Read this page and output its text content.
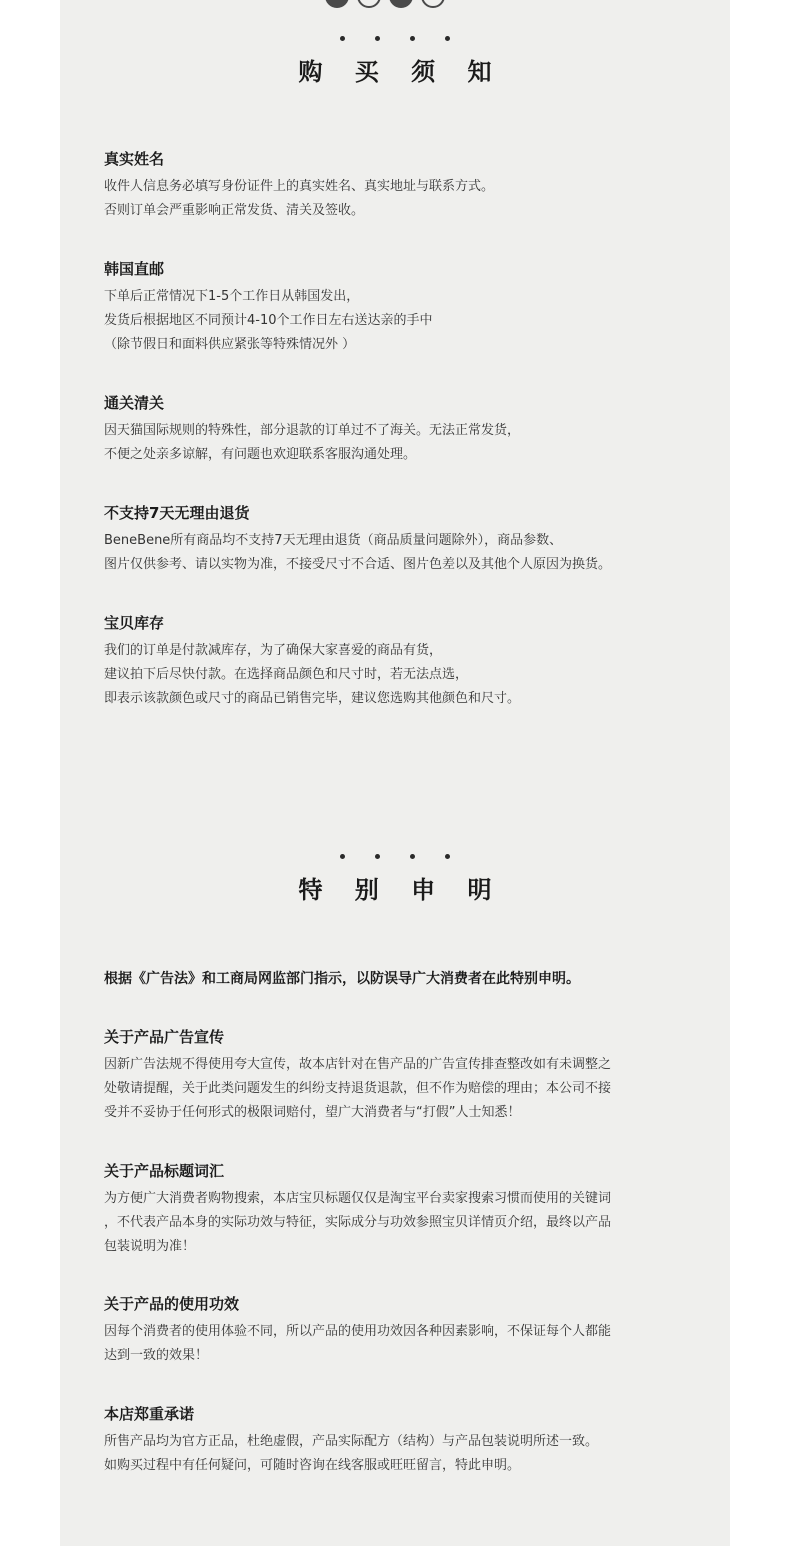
购 买 须 知
真实姓名
收件人信息务必填写身份证件上的真实姓名、真实地址与联系方式。
否则订单会严重影响正常发货、清关及签收。
韩国直邮
下单后正常情况下1-5个工作日从韩国发出，
发货后根据地区不同预计4-10个工作日左右送达亲的手中
（除节假日和面料供应紧张等特殊情况外 ）
通关清关
因天猫国际规则的特殊性，部分退款的订单过不了海关。无法正常发货，
不便之处亲多谅解，有问题也欢迎联系客服沟通处理。
不支持7天无理由退货
BeneBene所有商品均不支持7天无理由退货（商品质量问题除外），商品参数、
图片仅供参考、请以实物为准，不接受尺寸不合适、图片色差以及其他个人原因为换货。
宝贝库存
我们的订单是付款减库存，为了确保大家喜爱的商品有货，
建议拍下后尽快付款。在选择商品颜色和尺寸时，若无法点选，
即表示该款颜色或尺寸的商品已销售完毕，建议您选购其他颜色和尺寸。
特 别 申 明
根据《广告法》和工商局网监部门指示，以防误导广大消费者在此特别申明。
关于产品广告宣传
因新广告法规不得使用夸大宣传，故本店针对在售产品的广告宣传排查整改如有未调整之
处敬请提醒，关于此类问题发生的纠纷支持退货退款，但不作为赔偿的理由；本公司不接
受并不妥协于任何形式的极限词赔付，望广大消费者与“打假”人士知悉！
关于产品标题词汇
为方便广大消费者购物搜索，本店宝贝标题仅仅是淘宝平台卖家搜索习惯而使用的关键词
，不代表产品本身的实际功效与特征，实际成分与功效参照宝贝详情页介绍，最终以产品
包装说明为准！
关于产品的使用功效
因每个消费者的使用体验不同，所以产品的使用功效因各种因素影响，不保证每个人都能
达到一致的效果！
本店郑重承诺
所售产品均为官方正品，杜绝虚假，产品实际配方（结构）与产品包装说明所述一致。
如购买过程中有任何疑问，可随时咨询在线客服或旺旺留言，特此申明。
